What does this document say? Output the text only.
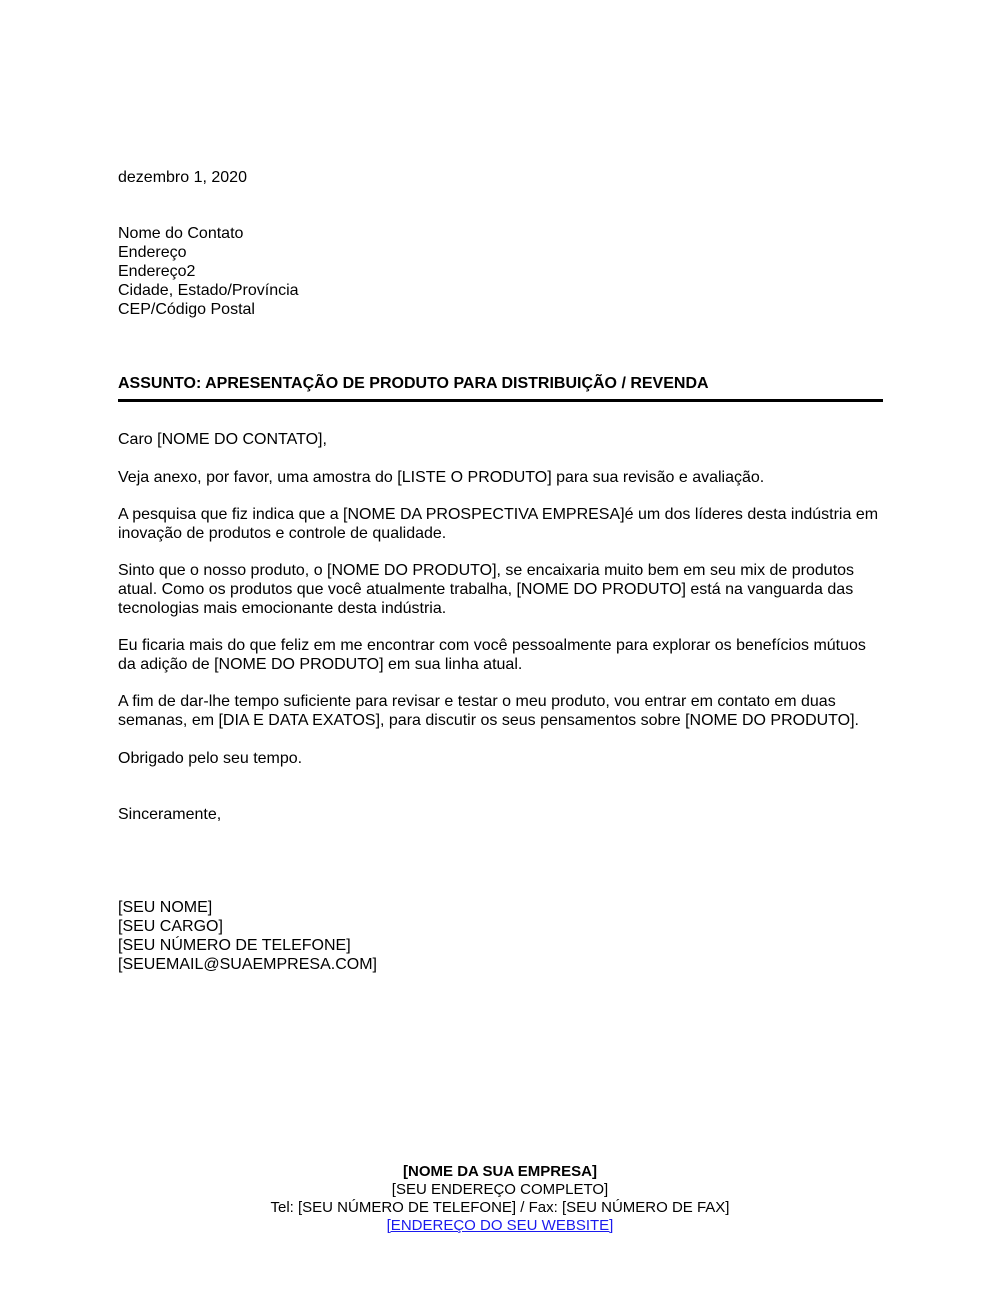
dezembro 1, 2020
Nome do Contato
Endereço
Endereço2
Cidade, Estado/Província
CEP/Código Postal
ASSUNTO: APRESENTAÇÃO DE PRODUTO PARA DISTRIBUIÇÃO / REVENDA
Caro [NOME DO CONTATO],
Veja anexo, por favor, uma amostra do [LISTE O PRODUTO] para sua revisão e avaliação.
A pesquisa que fiz indica que a [NOME DA PROSPECTIVA EMPRESA]é um dos líderes desta indústria em inovação de produtos e controle de qualidade.
Sinto que o nosso produto, o [NOME DO PRODUTO], se encaixaria muito bem em seu mix de produtos atual. Como os produtos que você atualmente trabalha, [NOME DO PRODUTO] está na vanguarda das tecnologias mais emocionante desta indústria.
Eu ficaria mais do que feliz em me encontrar com você pessoalmente para explorar os benefícios mútuos da adição de [NOME DO PRODUTO] em sua linha atual.
A fim de dar-lhe tempo suficiente para revisar e testar o meu produto, vou entrar em contato em duas semanas, em [DIA E DATA EXATOS], para discutir os seus pensamentos sobre [NOME DO PRODUTO].
Obrigado pelo seu tempo.
Sinceramente,
[SEU NOME]
[SEU CARGO]
[SEU NÚMERO DE TELEFONE]
[SEUEMAIL@SUAEMPRESA.COM]
[NOME DA SUA EMPRESA]
[SEU ENDEREÇO COMPLETO]
Tel: [SEU NÚMERO DE TELEFONE] / Fax: [SEU NÚMERO DE FAX]
[ENDEREÇO DO SEU WEBSITE]
